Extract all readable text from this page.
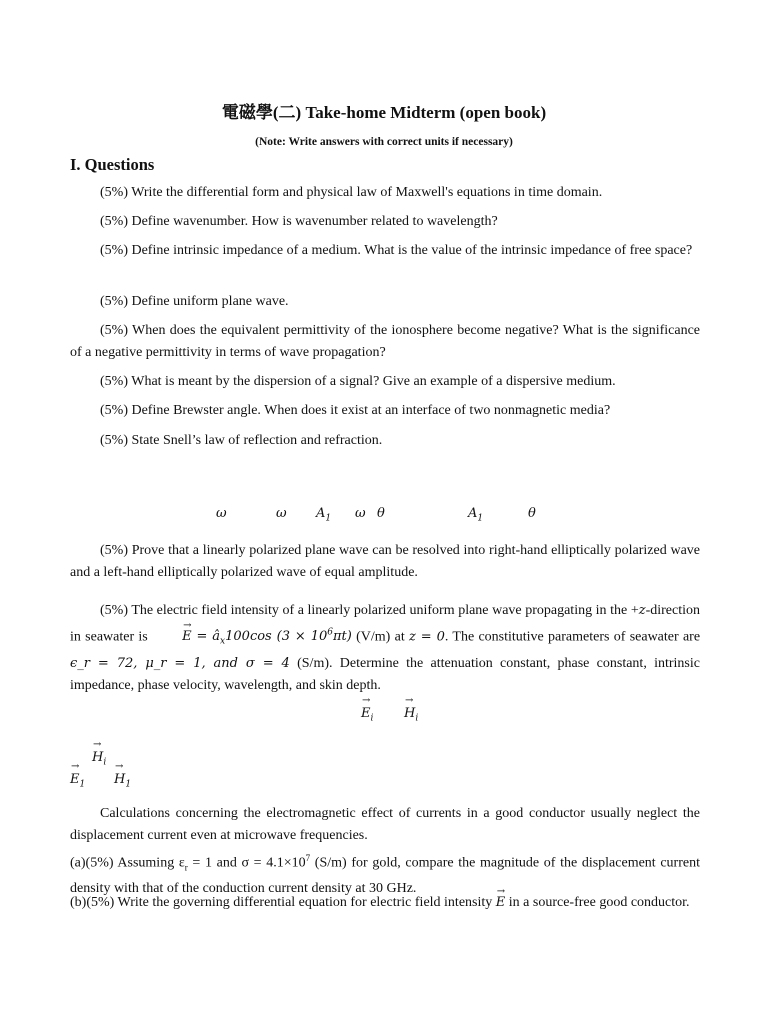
電磁學(二) Take-home Midterm (open book)
(Note: Write answers with correct units if necessary)
I. Questions
(5%) Write the differential form and physical law of Maxwell's equations in time domain.
(5%) Define wavenumber. How is wavenumber related to wavelength?
(5%) Define intrinsic impedance of a medium. What is the value of the intrinsic impedance of free space?
(5%) Define uniform plane wave.
(5%) When does the equivalent permittivity of the ionosphere become negative? What is the significance of a negative permittivity in terms of wave propagation?
(5%) What is meant by the dispersion of a signal? Give an example of a dispersive medium.
(5%) Define Brewster angle. When does it exist at an interface of two nonmagnetic media?
(5%) State Snell’s law of reflection and refraction.
ω	ω $A_1$ ω θ	$A_1$	θ
(5%) Prove that a linearly polarized plane wave can be resolved into right-hand elliptically polarized wave and a left-hand elliptically polarized wave of equal amplitude.
(5%) The electric field intensity of a linearly polarized uniform plane wave propagating in the +z-direction in seawater is →	$E = â_x100\cos$ $(3 \times 10^6\pi t)$ (V/m) at z = 0. The constitutive parameters of seawater are ϵ_r = 72, μ_r = 1, and σ = 4 (S/m). Determine the attenuation constant, phase constant, intrinsic impedance, phase velocity, wavelength, and skin depth.
→ $E_i$
→ $H_i$
→ $H_i$
→ $E_1$
→ $H_1$
Calculations concerning the electromagnetic effect of currents in a good conductor usually neglect the displacement current even at microwave frequencies.
(a)(5%) Assuming $\varepsilon_r = 1$ and $\sigma = 4.1\times 10^7$ (S/m) for gold, compare the magnitude of the displacement current density with that of the conduction current density at 30 GHz.
(b)(5%) Write the governing differential equation for electric field intensity → E in a source-free good conductor.
